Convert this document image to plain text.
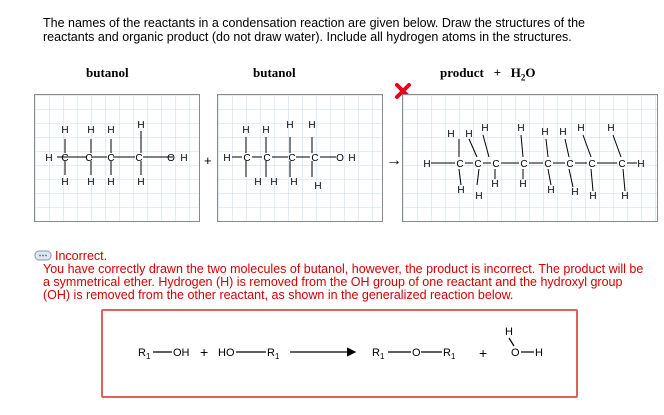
The names of the reactants in a condensation reaction are given below. Draw the structures of the
reactants and organic product (do not draw water). Include all hydrogen atoms in the structures.
butanol	butanol	product + $H_2O$
H H H H
H C C C C O H
H H H H
+
H H H H
H C C C C O H
H H H H
→
H H
H	H H H H H
H	C C C C C C C C H
H
H
H H
H H H H
Incorrect.
You have correctly drawn the two molecules of butanol, however, the product is incorrect. The product will be
a symmetrical ether. Hydrogen (H) is removed from the OH group of one reactant and the hydroxyl group
(OH) is removed from the other reactant, as shown in the generalized reaction below.
$R_1$ OH + HO	$R_1$	$R_1$	O $R_1$ +
H
O H
